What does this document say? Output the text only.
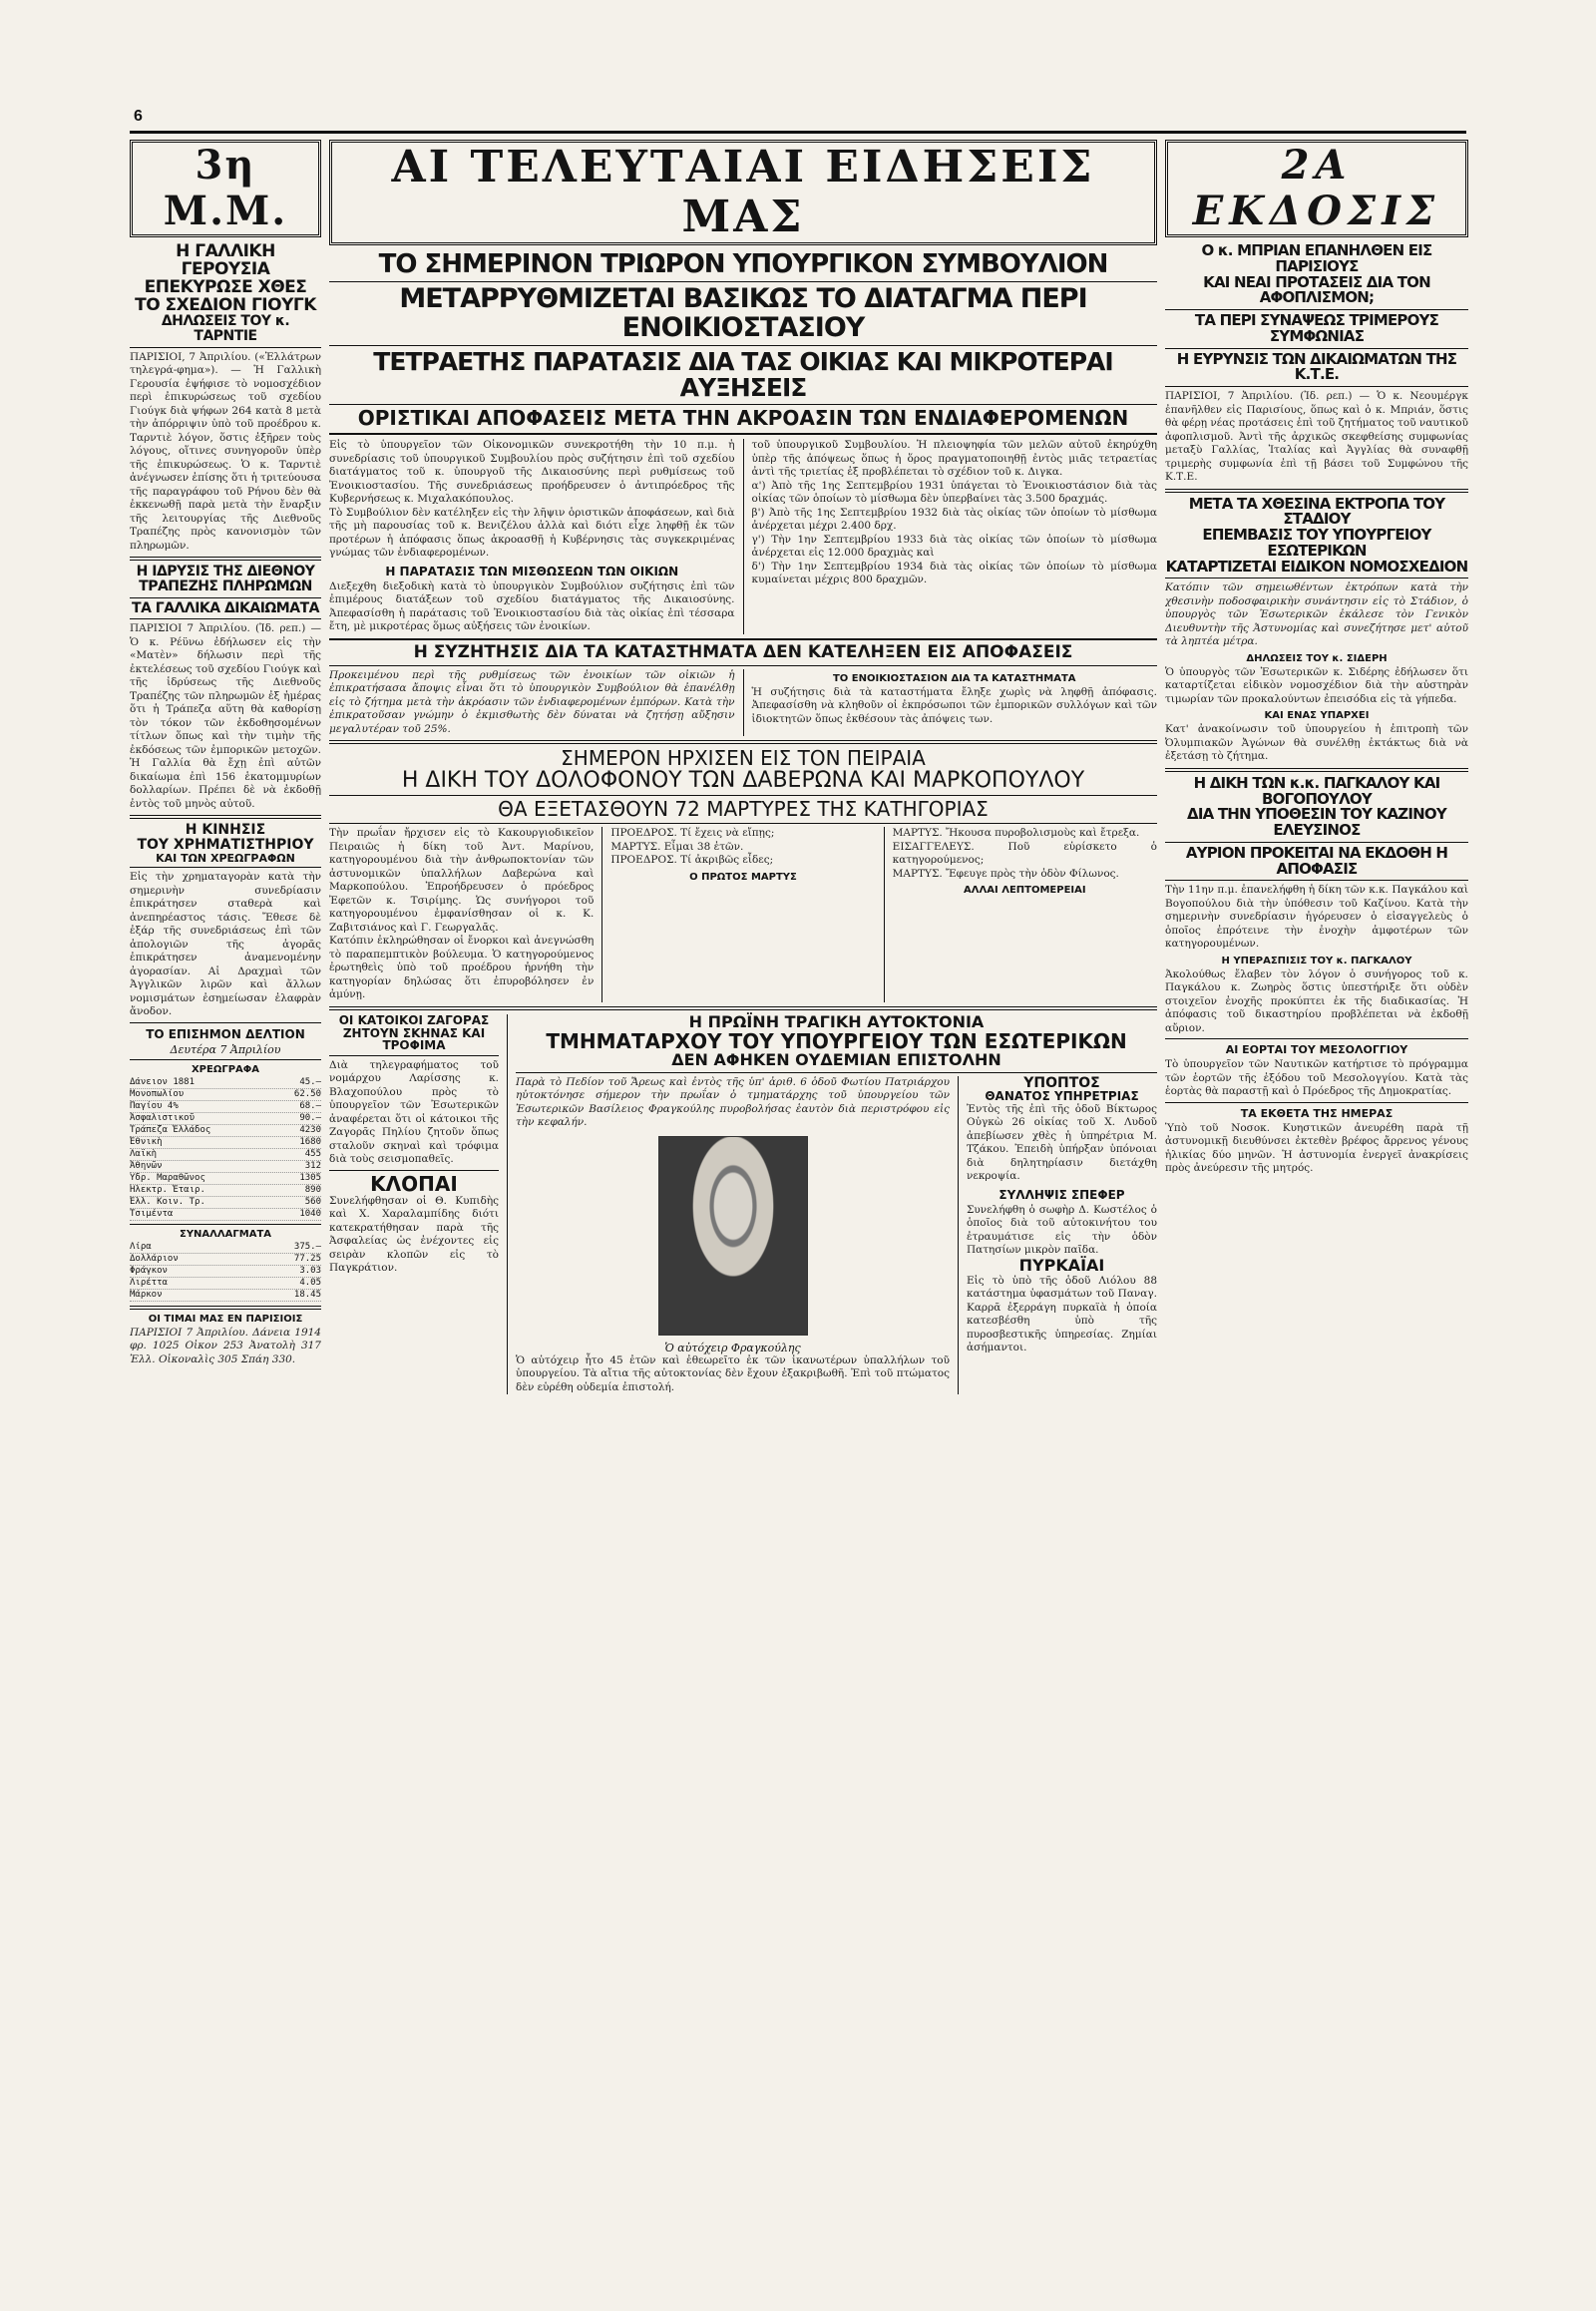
6
3η Μ.Μ.
Η ΓΑΛΛΙΚΗ ΓΕΡΟΥΣΙΑ
ΕΠΕΚΥΡΩΣΕ ΧΘΕΣ
ΤΟ ΣΧΕΔΙΟΝ ΓΙΟΥΓΚ
ΔΗΛΩΣΕΙΣ ΤΟΥ κ. ΤΑΡΝΤΙΕ
ΠΑΡΙΣΙΟΙ, 7 Ἀπριλίου. («Ἑλλάτρων τηλεγρά-φημα»). — Ἡ Γαλλικὴ Γερουσία ἐψήφισε τὸ νομοσχέδιον περὶ ἐπικυρώσεως τοῦ σχεδίου Γιούγκ διὰ ψήφων 264 κατὰ 8 μετὰ τὴν ἀπόρριψιν ὑπὸ τοῦ προέδρου κ. Ταρντιὲ λόγον, ὅστις ἐξῆρεν τοὺς λόγους, οἵτινες συνηγοροῦν ὑπὲρ τῆς ἐπικυρώσεως. Ὁ κ. Ταρντιὲ ἀνέγνωσεν ἐπίσης ὅτι ἡ τριτεύουσα τῆς παραγράφου τοῦ Ρήνου δὲν θὰ ἐκκενωθῇ παρὰ μετὰ τὴν ἔναρξιν τῆς λειτουργίας τῆς Διεθνοῦς Τραπέζης πρὸς κανονισμὸν τῶν πληρωμῶν.
Η ΙΔΡΥΣΙΣ ΤΗΣ ΔΙΕΘΝΟΥ
ΤΡΑΠΕΖΗΣ ΠΛΗΡΩΜΩΝ
ΤΑ ΓΑΛΛΙΚΑ ΔΙΚΑΙΩΜΑΤΑ
ΠΑΡΙΣΙΟΙ 7 Ἀπριλίου. (Ἰδ. ρεπ.) — Ὁ κ. Ρέϋνω ἐδήλωσεν εἰς τὴν «Ματὲν» δήλωσιν περὶ τῆς ἐκτελέσεως τοῦ σχεδίου Γιούγκ καὶ τῆς ἱδρύσεως τῆς Διεθνοῦς Τραπέζης τῶν πληρωμῶν ἐξ ἠμέρας ὅτι ἡ Τράπεζα αὕτη θὰ καθορίσῃ τὸν τόκον τῶν ἐκδοθησομένων τίτλων ὅπως καὶ τὴν τιμὴν τῆς ἐκδόσεως τῶν ἐμπορικῶν μετοχῶν. Ἡ Γαλλία θὰ ἔχῃ ἐπὶ αὐτῶν δικαίωμα ἐπὶ 156 ἑκατομμυρίων δολλαρίων. Πρέπει δὲ νὰ ἐκδοθῇ ἐντὸς τοῦ μηνὸς αὐτοῦ.
Η ΚΙΝΗΣΙΣ
ΤΟΥ ΧΡΗΜΑΤΙΣΤΗΡΙΟΥ
ΚΑΙ ΤΩΝ ΧΡΕΩΓΡΑΦΩΝ
Εἰς τὴν χρηματαγορὰν κατὰ τὴν σημερινὴν συνεδρίασιν ἐπικράτησεν σταθερὰ καὶ ἀνεπηρέαστος τάσις. Ἔθεσε δὲ ἐξάρ τῆς συνεδριάσεως ἐπὶ τῶν ἀπολογιῶν τῆς ἀγορᾶς ἐπικράτησεν ἀναμενομένην ἀγορασίαν. Αἱ Δραχμαὶ τῶν Ἀγγλικῶν λιρῶν καὶ ἄλλων νομισμάτων ἐσημείωσαν ἐλαφρὰν ἄνοδον.
ΤΟ ΕΠΙΣΗΜΟΝ ΔΕΛΤΙΟΝ
Δευτέρα 7 Ἀπριλίου
ΧΡΕΩΓΡΑΦΑ
Δάνειον 1881	45.—
Μονοπωλίου	62.50
Παγίου 4%	68.—
Ἀσφαλιστικοῦ	90.—
Τράπεζα Ἑλλάδος	4230
Ἐθνικὴ	1680
Λαϊκὴ	455
Ἀθηνῶν	312
Ὕδρ. Μαραθῶνος	1305
Ἠλεκτρ. Ἑταιρ.	890
Ἑλλ. Κοιν. Τρ.	560
Τσιμέντα	1040
ΣΥΝΑΛΛΑΓΜΑΤΑ
Λίρα	375.—
Δολλάριον	77.25
Φράγκον	3.03
Λιρέττα	4.05
Μάρκον	18.45
ΟΙ ΤΙΜΑΙ ΜΑΣ ΕΝ ΠΑΡΙΣΙΟΙΣ
ΠΑΡΙΣΙΟΙ 7 Ἀπριλίου. Δάνεια 1914 φρ. 1025 Οἰκον 253 Ἀνατολὴ 317 Ἐλλ. Οἰκοναλὶς 305 Σπάη 330.
ΑΙ ΤΕΛΕΥΤΑΙΑΙ ΕΙΔΗΣΕΙΣ ΜΑΣ
ΤΟ ΣΗΜΕΡΙΝΟΝ ΤΡΙΩΡΟΝ ΥΠΟΥΡΓΙΚΟΝ ΣΥΜΒΟΥΛΙΟΝ
ΜΕΤΑΡΡΥΘΜΙΖΕΤΑΙ ΒΑΣΙΚΩΣ ΤΟ ΔΙΑΤΑΓΜΑ ΠΕΡΙ ΕΝΟΙΚΙΟΣΤΑΣΙΟΥ
ΤΕΤΡΑΕΤΗΣ ΠΑΡΑΤΑΣΙΣ ΔΙΑ ΤΑΣ ΟΙΚΙΑΣ ΚΑΙ ΜΙΚΡΟΤΕΡΑΙ ΑΥΞΗΣΕΙΣ
ΟΡΙΣΤΙΚΑΙ ΑΠΟΦΑΣΕΙΣ ΜΕΤΑ ΤΗΝ ΑΚΡΟΑΣΙΝ ΤΩΝ ΕΝΔΙΑΦΕΡΟΜΕΝΩΝ
Εἰς τὸ ὑπουργεῖον τῶν Οἰκονομικῶν συνεκροτήθη τὴν 10 π.μ. ἡ συνεδρίασις τοῦ ὑπουργικοῦ Συμβουλίου πρὸς συζήτησιν ἐπὶ τοῦ σχεδίου διατάγματος τοῦ κ. ὑπουργοῦ τῆς Δικαιοσύνης περὶ ρυθμίσεως τοῦ Ἐνοικιοστασίου. Τῆς συνεδριάσεως προήδρευσεν ὁ ἀντιπρόεδρος τῆς Κυβερνήσεως κ. Μιχαλακόπουλος.
Τὸ Συμβούλιον δὲν κατέληξεν εἰς τὴν λῆψιν ὁριστικῶν ἀποφάσεων, καὶ διὰ τῆς μὴ παρουσίας τοῦ κ. Βενιζέλου ἀλλὰ καὶ διότι εἶχε ληφθῇ ἐκ τῶν προτέρων ἡ ἀπόφασις ὅπως ἀκροασθῇ ἡ Κυβέρνησις τὰς συγκεκριμένας γνώμας τῶν ἐνδιαφερομένων.
Η ΠΑΡΑΤΑΣΙΣ ΤΩΝ ΜΙΣΘΩΣΕΩΝ ΤΩΝ ΟΙΚΙΩΝ
Διεξεχθη διεξοδικὴ κατὰ τὸ ὑπουργικὸν Συμβούλιον συζήτησις ἐπὶ τῶν ἐπιμέρους διατάξεων τοῦ σχεδίου διατάγματος τῆς Δικαιοσύνης. Ἀπεφασίσθη ἡ παράτασις τοῦ Ἐνοικιοστασίου διὰ τὰς οἰκίας ἐπὶ τέσσαρα ἔτη, μὲ μικροτέρας ὅμως αὐξήσεις τῶν ἐνοικίων.
τοῦ ὑπουργικοῦ Συμβουλίου. Ἡ πλειοψηφία τῶν μελῶν αὐτοῦ ἐκηρύχθη ὑπὲρ τῆς ἀπόψεως ὅπως ἡ ὅρος πραγματοποιηθῇ ἐντὸς μιᾶς τετραετίας ἀντὶ τῆς τριετίας ἐξ προβλέπεται τὸ σχέδιον τοῦ κ. Διγκα.
α') Ἀπὸ τῆς 1ης Σεπτεμβρίου 1931 ὑπάγεται τὸ Ἐνοικιοστάσιον διὰ τὰς οἰκίας τῶν ὁποίων τὸ μίσθωμα δὲν ὑπερβαίνει τὰς 3.500 δραχμάς.
β') Ἀπὸ τῆς 1ης Σεπτεμβρίου 1932 διὰ τὰς οἰκίας τῶν ὁποίων τὸ μίσθωμα ἀνέρχεται μέχρι 2.400 δρχ.
γ') Τὴν 1ην Σεπτεμβρίου 1933 διὰ τὰς οἰκίας τῶν ὁποίων τὸ μίσθωμα ἀνέρχεται εἰς 12.000 δραχμὰς καὶ
δ') Τὴν 1ην Σεπτεμβρίου 1934 διὰ τὰς οἰκίας τῶν ὁποίων τὸ μίσθωμα κυμαίνεται μέχρις 800 δραχμῶν.
Η ΣΥΖΗΤΗΣΙΣ ΔΙΑ ΤΑ ΚΑΤΑΣΤΗΜΑΤΑ ΔΕΝ ΚΑΤΕΛΗΞΕΝ ΕΙΣ ΑΠΟΦΑΣΕΙΣ
Προκειμένου περὶ τῆς ρυθμίσεως τῶν ἐνοικίων τῶν οἰκιῶν ἡ ἐπικρατήσασα ἄποψις εἶναι ὅτι τὸ ὑπουργικὸν Συμβούλιον θὰ ἐπανέλθῃ εἰς τὸ ζήτημα μετὰ τὴν ἀκρόασιν τῶν ἐνδιαφερομένων ἐμπόρων. Κατὰ τὴν ἐπικρατοῦσαν γνώμην ὁ ἐκμισθωτὴς δὲν δύναται νὰ ζητήσῃ αὔξησιν μεγαλυτέραν τοῦ 25%.
ΤΟ ΕΝΟΙΚΙΟΣΤΑΣΙΟΝ ΔΙΑ ΤΑ ΚΑΤΑΣΤΗΜΑΤΑ
Ἡ συζήτησις διὰ τὰ καταστήματα ἔληξε χωρὶς νὰ ληφθῇ ἀπόφασις. Ἀπεφασίσθη νὰ κληθοῦν οἱ ἐκπρόσωποι τῶν ἐμπορικῶν συλλόγων καὶ τῶν ἰδιοκτητῶν ὅπως ἐκθέσουν τὰς ἀπόψεις των.
ΣΗΜΕΡΟΝ ΗΡΧΙΣΕΝ ΕΙΣ ΤΟΝ ΠΕΙΡΑΙΑ
Η ΔΙΚΗ ΤΟΥ ΔΟΛΟΦΟΝΟΥ ΤΩΝ ΔΑΒΕΡΩΝΑ ΚΑΙ ΜΑΡΚΟΠΟΥΛΟΥ
ΘΑ ΕΞΕΤΑΣΘΟΥΝ 72 ΜΑΡΤΥΡΕΣ ΤΗΣ ΚΑΤΗΓΟΡΙΑΣ
Τὴν πρωΐαν ἤρχισεν εἰς τὸ Κακουργιοδικεῖον Πειραιῶς ἡ δίκη τοῦ Ἀντ. Μαρίνου, κατηγορουμένου διὰ τὴν ἀνθρωποκτονίαν τῶν ἀστυνομικῶν ὑπαλλήλων Δαβερώνα καὶ Μαρκοπούλου. Ἐπροήδρευσεν ὁ πρόεδρος Ἐφετῶν κ. Τσιρίμης. Ὡς συνήγοροι τοῦ κατηγορουμένου ἐμφανίσθησαν οἱ κ. Κ. Ζαβιτσιάνος καὶ Γ. Γεωργαλᾶς.
Κατόπιν ἐκληρώθησαν οἱ ἔνορκοι καὶ ἀνεγνώσθη τὸ παραπεμπτικὸν βούλευμα. Ὁ κατηγορούμενος ἐρωτηθεὶς ὑπὸ τοῦ προέδρου ἠρνήθη τὴν κατηγορίαν δηλώσας ὅτι ἐπυροβόλησεν ἐν ἀμύνῃ.
ΠΡΟΕΔΡΟΣ. Τί ἔχεις νὰ εἴπῃς;
ΜΑΡΤΥΣ. Εἶμαι 38 ἐτῶν.
ΠΡΟΕΔΡΟΣ. Τί ἀκριβῶς εἶδες;
Ο ΠΡΩΤΟΣ ΜΑΡΤΥΣ
ΜΑΡΤΥΣ. Ἤκουσα πυροβολισμοὺς καὶ ἔτρεξα.
ΕΙΣΑΓΓΕΛΕΥΣ. Ποῦ εὑρίσκετο ὁ κατηγορούμενος;
ΜΑΡΤΥΣ. Ἔφευγε πρὸς τὴν ὁδὸν Φίλωνος.
ΑΛΛΑΙ ΛΕΠΤΟΜΕΡΕΙΑΙ
ΟΙ ΚΑΤΟΙΚΟΙ ΖΑΓΟΡΑΣ
ΖΗΤΟΥΝ ΣΚΗΝΑΣ ΚΑΙ ΤΡΟΦΙΜΑ
Διὰ τηλεγραφήματος τοῦ νομάρχου Λαρίσσης κ. Βλαχοπούλου πρὸς τὸ ὑπουργεῖον τῶν Ἐσωτερικῶν ἀναφέρεται ὅτι οἱ κάτοικοι τῆς Ζαγορᾶς Πηλίου ζητοῦν ὅπως σταλοῦν σκηναὶ καὶ τρόφιμα διὰ τοὺς σεισμοπαθεῖς.
ΚΛΟΠΑΙ
Συνελήφθησαν οἱ Θ. Κυπιδὴς καὶ Χ. Χαραλαμπίδης διότι κατεκρατήθησαν παρὰ τῆς Ἀσφαλείας ὡς ἐνέχοντες εἰς σειρὰν κλοπῶν εἰς τὸ Παγκράτιον.
Η ΠΡΩΪΝΗ ΤΡΑΓΙΚΗ ΑΥΤΟΚΤΟΝΙΑ
ΤΜΗΜΑΤΑΡΧΟΥ ΤΟΥ ΥΠΟΥΡΓΕΙΟΥ ΤΩΝ ΕΣΩΤΕΡΙΚΩΝ
ΔΕΝ ΑΦΗΚΕΝ ΟΥΔΕΜΙΑΝ ΕΠΙΣΤΟΛΗΝ
Παρὰ τὸ Πεδίον τοῦ Ἄρεως καὶ ἐντὸς τῆς ὑπ' ἀριθ. 6 ὁδοῦ Φωτίου Πατριάρχου ηὐτοκτόνησε σήμερον τὴν πρωΐαν ὁ τμηματάρχης τοῦ ὑπουργείου τῶν Ἐσωτερικῶν Βασίλειος Φραγκούλης πυροβολήσας ἑαυτὸν διὰ περιστρόφου εἰς τὴν κεφαλήν.
Ὁ αὐτόχειρ Φραγκούλης
Ὁ αὐτόχειρ ἦτο 45 ἐτῶν καὶ ἐθεωρεῖτο ἐκ τῶν ἱκανωτέρων ὑπαλλήλων τοῦ ὑπουργείου. Τὰ αἴτια τῆς αὐτοκτονίας δὲν ἔχουν ἐξακριβωθῆ. Ἐπὶ τοῦ πτώματος δὲν εὑρέθη οὐδεμία ἐπιστολή.
ΥΠΟΠΤΟΣ
ΘΑΝΑΤΟΣ ΥΠΗΡΕΤΡΙΑΣ
Ἐντὸς τῆς ἐπὶ τῆς ὁδοῦ Βίκτωρος Οὐγκὼ 26 οἰκίας τοῦ Χ. Λυδοῦ ἀπεβίωσεν χθὲς ἡ ὑπηρέτρια Μ. Τζάκου. Ἐπειδὴ ὑπήρξαν ὑπόνοιαι διὰ δηλητηρίασιν διετάχθη νεκροψία.
ΣΥΛΛΗΨΙΣ ΣΠΕΦΕΡ
Συνελήφθη ὁ σωφὴρ Δ. Κωστέλος ὁ ὁποῖος διὰ τοῦ αὐτοκινήτου του ἐτραυμάτισε εἰς τὴν ὁδὸν Πατησίων μικρὸν παῖδα.
ΠΥΡΚΑΪΑΙ
Εἰς τὸ ὑπὸ τῆς ὁδοῦ Λιόλου 88 κατάστημα ὑφασμάτων τοῦ Παναγ. Καρρᾶ ἐξερράγη πυρκαϊὰ ἡ ὁποία κατεσβέσθη ὑπὸ τῆς πυροσβεστικῆς ὑπηρεσίας. Ζημίαι ἀσήμαντοι.
2Α ΕΚΔΟΣΙΣ
Ο κ. ΜΠΡΙΑΝ ΕΠΑΝΗΛΘΕΝ ΕΙΣ ΠΑΡΙΣΙΟΥΣ
ΚΑΙ ΝΕΑΙ ΠΡΟΤΑΣΕΙΣ ΔΙΑ ΤΟΝ ΑΦΟΠΛΙΣΜΟΝ;
ΤΑ ΠΕΡΙ ΣΥΝΑΨΕΩΣ ΤΡΙΜΕΡΟΥΣ ΣΥΜΦΩΝΙΑΣ
Η ΕΥΡΥΝΣΙΣ ΤΩΝ ΔΙΚΑΙΩΜΑΤΩΝ ΤΗΣ Κ.Τ.Ε.
ΠΑΡΙΣΙΟΙ, 7 Ἀπριλίου. (Ἰδ. ρεπ.) — Ὁ κ. Νεουμέργκ ἐπανῆλθεν εἰς Παρισίους, ὅπως καὶ ὁ κ. Μπριάν, ὅστις θὰ φέρῃ νέας προτάσεις ἐπὶ τοῦ ζητήματος τοῦ ναυτικοῦ ἀφοπλισμοῦ. Ἀντὶ τῆς ἀρχικῶς σκεφθείσης συμφωνίας μεταξὺ Γαλλίας, Ἰταλίας καὶ Ἀγγλίας θὰ συναφθῇ τριμερὴς συμφωνία ἐπὶ τῇ βάσει τοῦ Συμφώνου τῆς Κ.Τ.Ε.
ΜΕΤΑ ΤΑ ΧΘΕΣΙΝΑ ΕΚΤΡΟΠΑ ΤΟΥ ΣΤΑΔΙΟΥ
ΕΠΕΜΒΑΣΙΣ ΤΟΥ ΥΠΟΥΡΓΕΙΟΥ ΕΣΩΤΕΡΙΚΩΝ
ΚΑΤΑΡΤΙΖΕΤΑΙ ΕΙΔΙΚΟΝ ΝΟΜΟΣΧΕΔΙΟΝ
Κατόπιν τῶν σημειωθέντων ἐκτρόπων κατὰ τὴν χθεσινὴν ποδοσφαιρικὴν συνάντησιν εἰς τὸ Στάδιον, ὁ ὑπουργὸς τῶν Ἐσωτερικῶν ἐκάλεσε τὸν Γενικὸν Διευθυντὴν τῆς Ἀστυνομίας καὶ συνεζήτησε μετ' αὐτοῦ τὰ ληπτέα μέτρα.
ΔΗΛΩΣΕΙΣ ΤΟΥ κ. ΣΙΔΕΡΗ
Ὁ ὑπουργὸς τῶν Ἐσωτερικῶν κ. Σιδέρης ἐδήλωσεν ὅτι καταρτίζεται εἰδικὸν νομοσχέδιον διὰ τὴν αὐστηρὰν τιμωρίαν τῶν προκαλούντων ἐπεισόδια εἰς τὰ γήπεδα.
ΚΑΙ ΕΝΑΣ ΥΠΑΡΧΕΙ
Κατ' ἀνακοίνωσιν τοῦ ὑπουργείου ἡ ἐπιτροπὴ τῶν Ὀλυμπιακῶν Ἀγώνων θὰ συνέλθῃ ἐκτάκτως διὰ νὰ ἐξετάσῃ τὸ ζήτημα.
Η ΔΙΚΗ ΤΩΝ κ.κ. ΠΑΓΚΑΛΟΥ ΚΑΙ ΒΟΓΟΠΟΥΛΟΥ
ΔΙΑ ΤΗΝ ΥΠΟΘΕΣΙΝ ΤΟΥ ΚΑΖΙΝΟΥ ΕΛΕΥΣΙΝΟΣ
ΑΥΡΙΟΝ ΠΡΟΚΕΙΤΑΙ ΝΑ ΕΚΔΟΘΗ Η ΑΠΟΦΑΣΙΣ
Τὴν 11ην π.μ. ἐπανελήφθη ἡ δίκη τῶν κ.κ. Παγκάλου καὶ Βογοπούλου διὰ τὴν ὑπόθεσιν τοῦ Καζίνου. Κατὰ τὴν σημερινὴν συνεδρίασιν ἠγόρευσεν ὁ εἰσαγγελεὺς ὁ ὁποῖος ἐπρότεινε τὴν ἐνοχὴν ἀμφοτέρων τῶν κατηγορουμένων.
Η ΥΠΕΡΑΣΠΙΣΙΣ ΤΟΥ κ. ΠΑΓΚΑΛΟΥ
Ἀκολούθως ἔλαβεν τὸν λόγον ὁ συνήγορος τοῦ κ. Παγκάλου κ. Ζωηρὸς ὅστις ὑπεστήριξε ὅτι οὐδὲν στοιχεῖον ἐνοχῆς προκύπτει ἐκ τῆς διαδικασίας. Ἡ ἀπόφασις τοῦ δικαστηρίου προβλέπεται νὰ ἐκδοθῇ αὔριον.
ΑΙ ΕΟΡΤΑΙ ΤΟΥ ΜΕΣΟΛΟΓΓΙΟΥ
Τὸ ὑπουργεῖον τῶν Ναυτικῶν κατήρτισε τὸ πρόγραμμα τῶν ἑορτῶν τῆς ἐξόδου τοῦ Μεσολογγίου. Κατὰ τὰς ἑορτὰς θὰ παραστῇ καὶ ὁ Πρόεδρος τῆς Δημοκρατίας.
ΤΑ ΕΚΘΕΤΑ ΤΗΣ ΗΜΕΡΑΣ
Ὑπὸ τοῦ Νοσοκ. Κυηστικῶν ἀνευρέθη παρὰ τῇ ἀστυνομικῇ διευθύνσει ἐκτεθὲν βρέφος ἄρρενος γένους ἡλικίας δύο μηνῶν. Ἡ ἀστυνομία ἐνεργεῖ ἀνακρίσεις πρὸς ἀνεύρεσιν τῆς μητρός.
